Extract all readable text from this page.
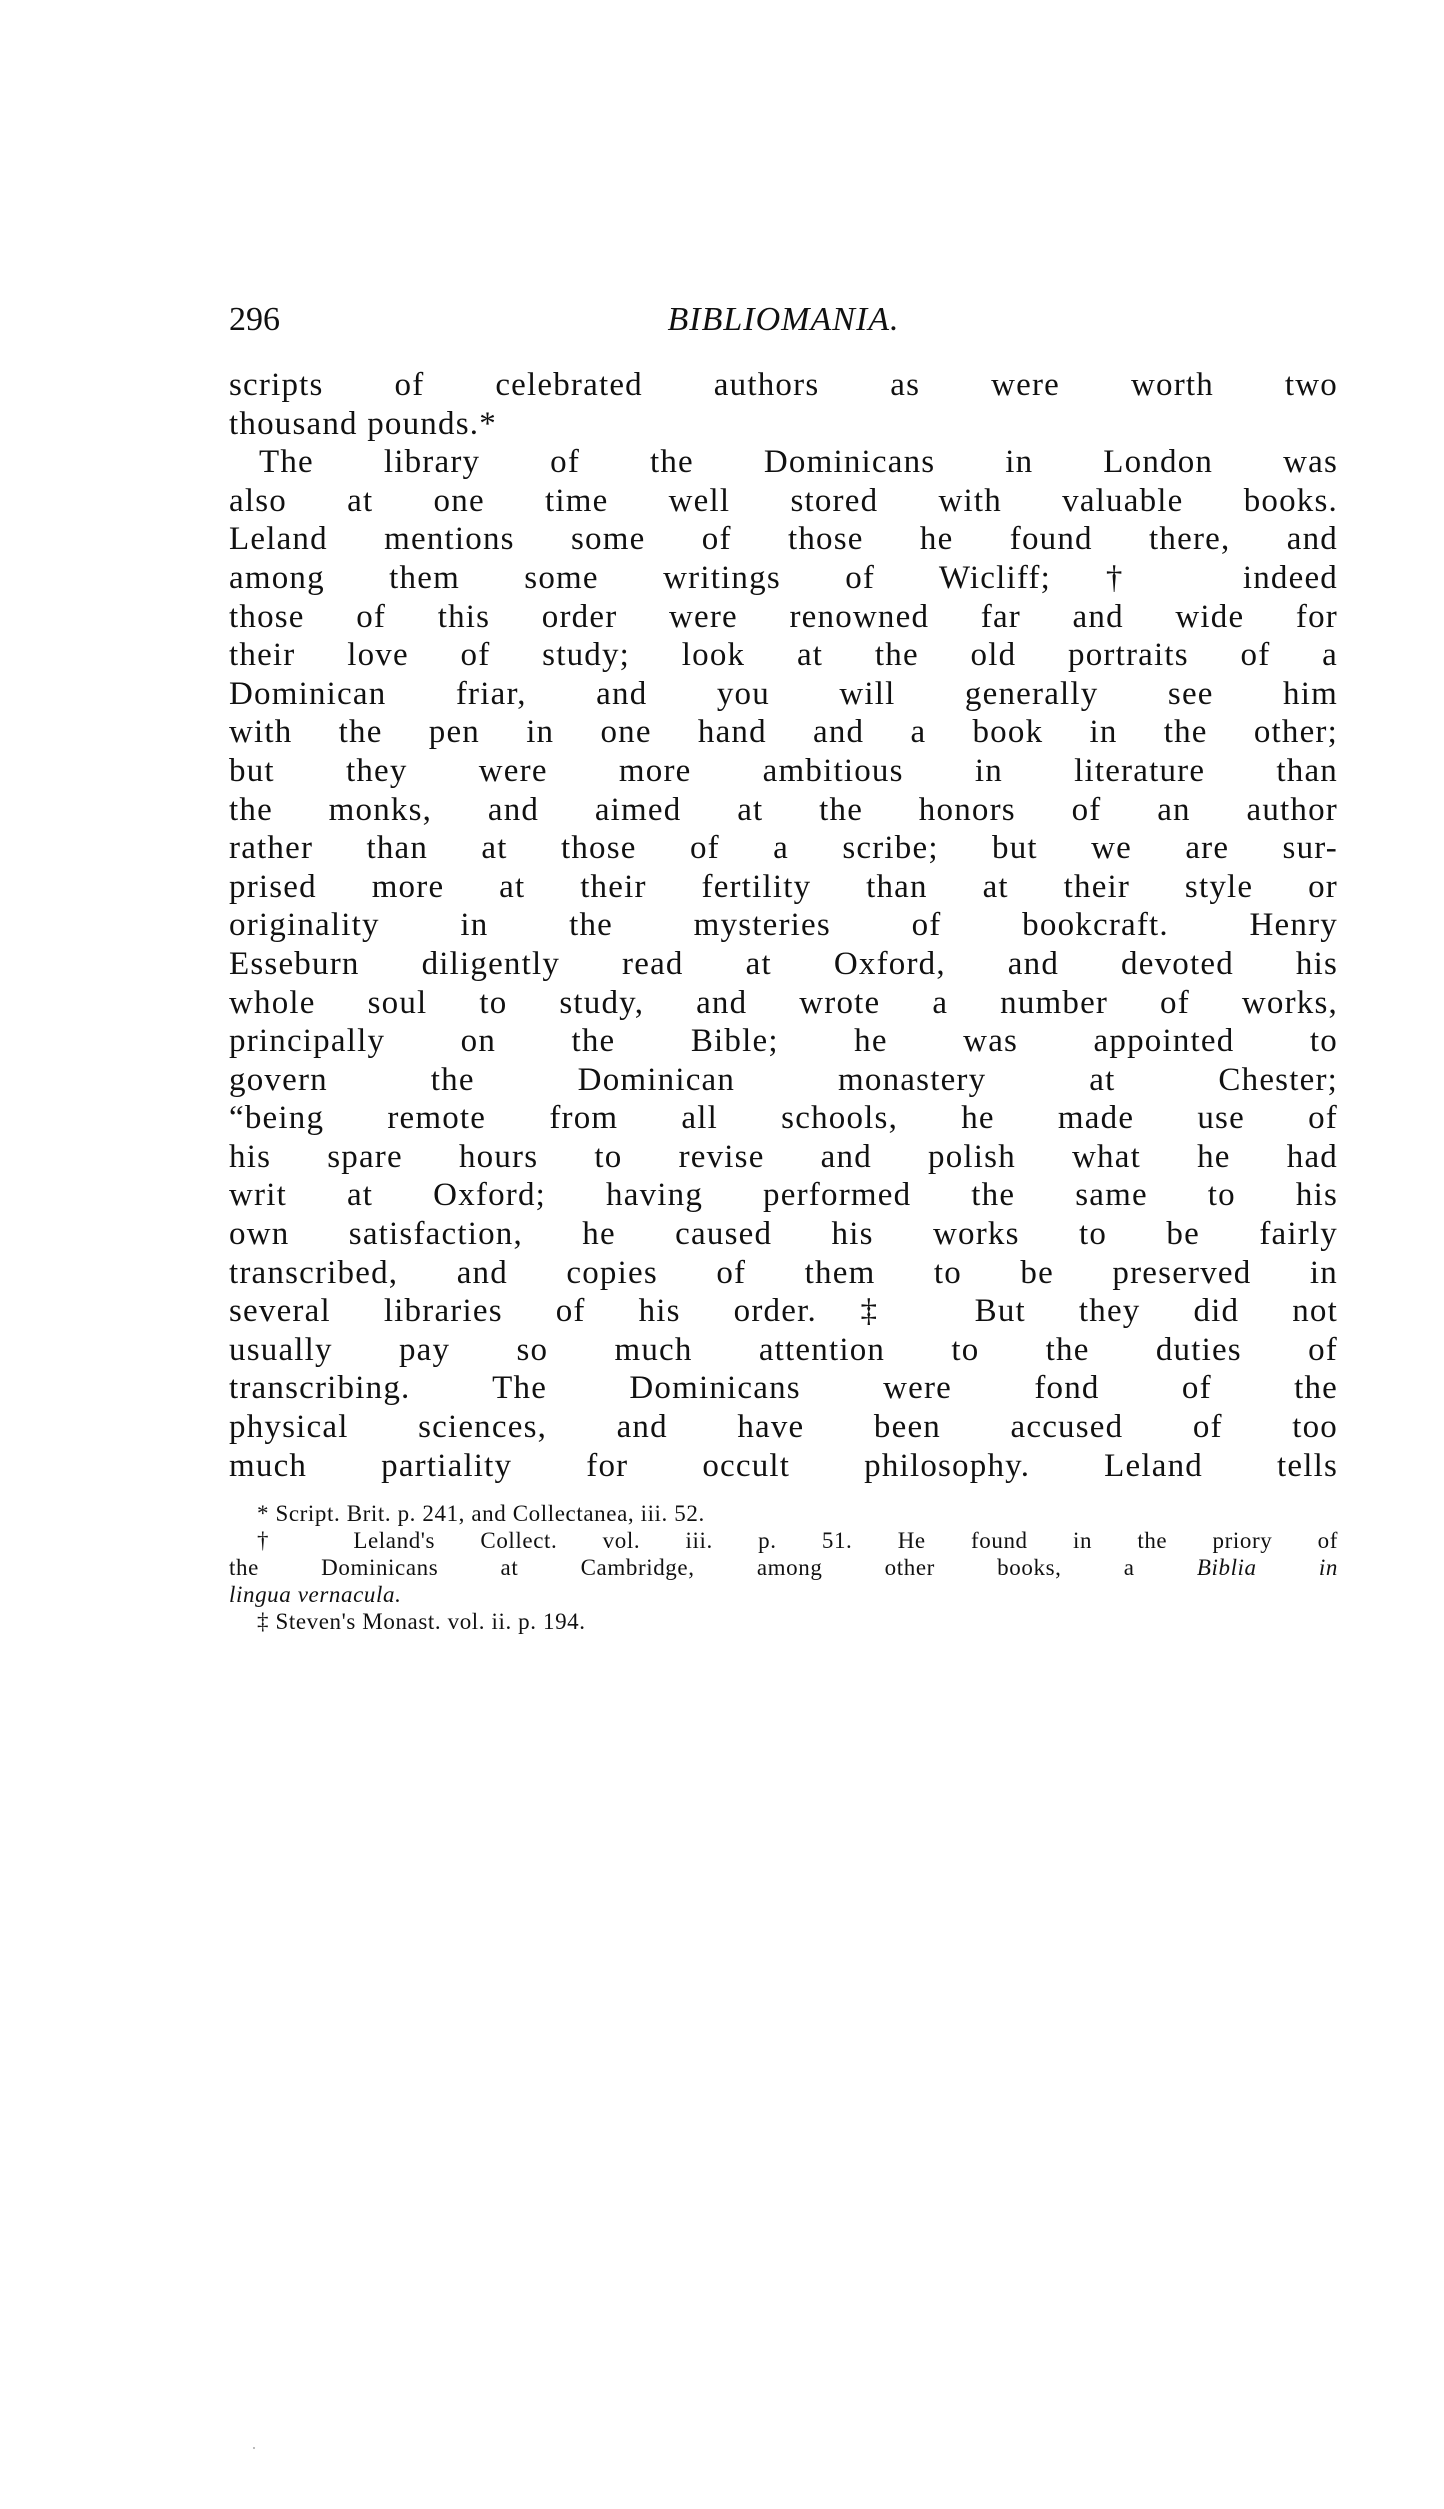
296	BIBLIOMANIA.
scripts of celebrated authors as were worth two
thousand pounds.*
The library of the Dominicans in London was
also at one time well stored with valuable books.
Leland mentions some of those he found there, and
among them some writings of Wicliff;† indeed
those of this order were renowned far and wide for
their love of study; look at the old portraits of a
Dominican friar, and you will generally see him
with the pen in one hand and a book in the other;
but they were more ambitious in literature than
the monks, and aimed at the honors of an author
rather than at those of a scribe; but we are sur-
prised more at their fertility than at their style or
originality in the mysteries of bookcraft. Henry
Esseburn diligently read at Oxford, and devoted his
whole soul to study, and wrote a number of works,
principally on the Bible; he was appointed to
govern the Dominican monastery at Chester;
“being remote from all schools, he made use of
his spare hours to revise and polish what he had
writ at Oxford; having performed the same to his
own satisfaction, he caused his works to be fairly
transcribed, and copies of them to be preserved in
several libraries of his order.‡ But they did not
usually pay so much attention to the duties of
transcribing. The Dominicans were fond of the
physical sciences, and have been accused of too
much partiality for occult philosophy. Leland tells
* Script. Brit. p. 241, and Collectanea, iii. 52.
† Leland's Collect. vol. iii. p. 51. He found in the priory of
the Dominicans at Cambridge, among other books, a	Biblia in
lingua vernacula.
‡ Steven's Monast. vol. ii. p. 194.
